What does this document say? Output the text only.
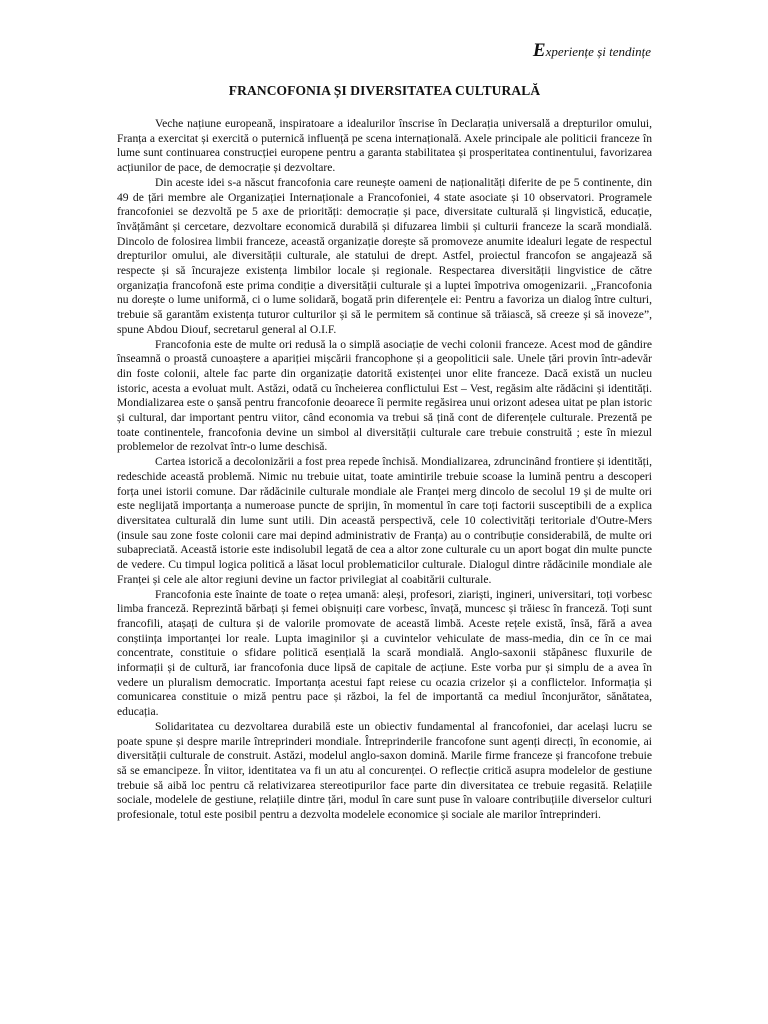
Experiențe și tendințe
FRANCOFONIA ȘI DIVERSITATEA CULTURALĂ

Veche națiune europeană, inspiratoare a idealurilor înscrise în Declarația universală a drepturilor omului, Franța a exercitat și exercită o puternică influență pe scena internațională. Axele principale ale politicii franceze în lume sunt continuarea construcției europene pentru a garanta stabilitatea și prosperitatea continentului, favorizarea acțiunilor de pace, de democrație și dezvoltare.

Din aceste idei s-a născut francofonia care reunește oameni de naționalități diferite de pe 5 continente, din 49 de țări membre ale Organizației Internaționale a Francofoniei, 4 state asociate și 10 observatori. Programele francofoniei se dezvoltă pe 5 axe de priorități: democrație și pace, diversitate culturală și lingvistică, educație, învățământ și cercetare, dezvoltare economică durabilă și difuzarea limbii și culturii franceze la scară mondială. Dincolo de folosirea limbii franceze, această organizație dorește să promoveze anumite idealuri legate de respectul drepturilor omului, ale diversității culturale, ale statului de drept. Astfel, proiectul francofon se angajează să respecte și să încurajeze existența limbilor locale și regionale. Respectarea diversității lingvistice de către organizația francofonă este prima condiție a diversității culturale și a luptei împotriva omogenizarii. „Francofonia nu dorește o lume uniformă, ci o lume solidară, bogată prin diferențele ei: Pentru a favoriza un dialog între culturi, trebuie să garantăm existența tuturor culturilor și să le permitem să continue să trăiască, să creeze și să inoveze”, spune Abdou Diouf, secretarul general al O.I.F.

Francofonia este de multe ori redusă la o simplă asociație de vechi colonii franceze. Acest mod de gândire înseamnă o proastă cunoaștere a apariției mișcării francophone și a geopoliticii sale. Unele țări provin într-adevăr din foste colonii, altele fac parte din organizație datorită existenței unor elite franceze. Dacă există un nucleu istoric, acesta a evoluat mult. Astăzi, odată cu încheierea conflictului Est – Vest, regăsim alte rădăcini și identități. Mondializarea este o șansă pentru francofonie deoarece îi permite regăsirea unui orizont adesea uitat pe plan istoric și cultural, dar important pentru viitor, când economia va trebui să țină cont de diferențele culturale. Prezentă pe toate continentele, francofonia devine un simbol al diversității culturale care trebuie construită ; este în miezul problemelor de rezolvat într-o lume deschisă.

Cartea istorică a decolonizării a fost prea repede închisă. Mondializarea, zdruncinând frontiere și identități, redeschide această problemă. Nimic nu trebuie uitat, toate amintirile trebuie scoase la lumină pentru a descoperi forța unei istorii comune. Dar rădăcinile culturale mondiale ale Franței merg dincolo de secolul 19 și de multe ori este neglijată importanța a numeroase puncte de sprijin, în momentul în care toți factorii susceptibili de a explica diversitatea culturală din lume sunt utili. Din această perspectivă, cele 10 colectivități teritoriale d'Outre-Mers (insule sau zone foste colonii care mai depind administrativ de Franța) au o contribuție considerabilă, de multe ori subapreciată. Această istorie este indisolubil legată de cea a altor zone culturale cu un aport bogat din multe puncte de vedere. Cu timpul logica politică a lăsat locul problematicilor culturale. Dialogul dintre rădăcinile mondiale ale Franței și cele ale altor regiuni devine un factor privilegiat al coabitării culturale.

Francofonia este înainte de toate o rețea umană: aleși, profesori, ziariști, ingineri, universitari, toți vorbesc limba franceză. Reprezintă bărbați și femei obișnuiți care vorbesc, învață, muncesc și trăiesc în franceză. Toți sunt francofili, atașați de cultura și de valorile promovate de această limbă. Aceste rețele există, însă, fără a avea conștiința importanței lor reale. Lupta imaginilor și a cuvintelor vehiculate de mass-media, din ce în ce mai concentrate, constituie o sfidare politică esențială la scară mondială. Anglo-saxonii stăpânesc fluxurile de informații și de cultură, iar francofonia duce lipsă de capitale de acțiune. Este vorba pur și simplu de a avea în vedere un pluralism democratic. Importanța acestui fapt reiese cu ocazia crizelor și a conflictelor. Informația și comunicarea constituie o miză pentru pace și război, la fel de importantă ca mediul înconjurător, sănătatea, educația.

Solidaritatea cu dezvoltarea durabilă este un obiectiv fundamental al francofoniei, dar același lucru se poate spune și despre marile întreprinderi mondiale. Întreprinderile francofone sunt agenți direcți, în economie, ai diversității culturale de construit. Astăzi, modelul anglo-saxon domină. Marile firme franceze și francofone trebuie să se emancipeze. În viitor, identitatea va fi un atu al concurenței. O reflecție critică asupra modelelor de gestiune trebuie să aibă loc pentru că relativizarea stereotipurilor face parte din diversitatea ce trebuie regasită. Relațiile sociale, modelele de gestiune, relațiile dintre țări, modul în care sunt puse în valoare contribuțiile diverselor culturi profesionale, totul este posibil pentru a dezvolta modelele economice și sociale ale marilor întreprinderi.
